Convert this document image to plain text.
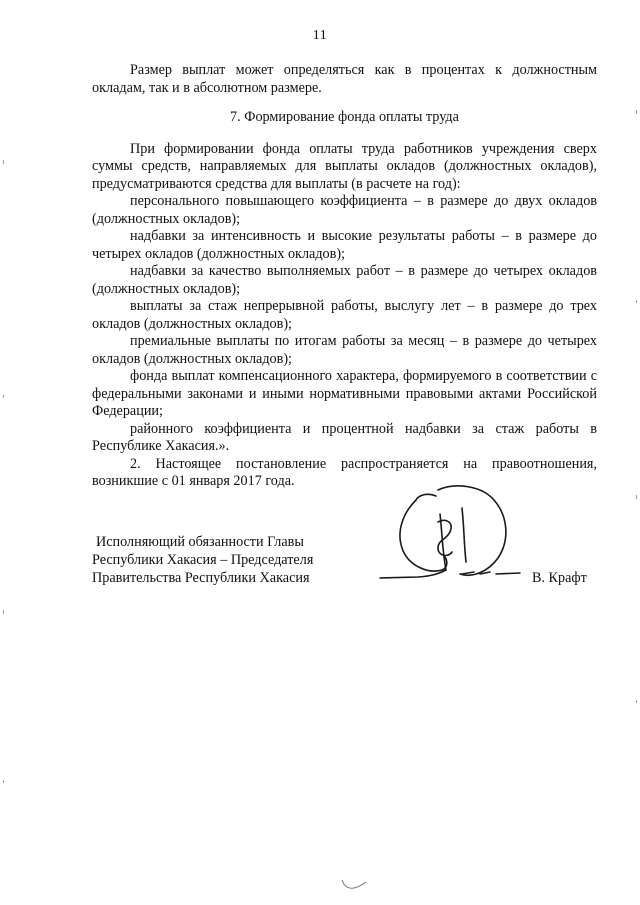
11

Размер выплат может определяться как в процентах к должностным окладам, так и в абсолютном размере.

7. Формирование фонда оплаты труда

При формировании фонда оплаты труда работников учреждения сверх суммы средств, направляемых для выплаты окладов (должностных окладов), предусматриваются средства для выплаты (в расчете на год):

персонального повышающего коэффициента – в размере до двух окладов (должностных окладов);

надбавки за интенсивность и высокие результаты работы – в размере до четырех окладов (должностных окладов);

надбавки за качество выполняемых работ – в размере до четырех окладов (должностных окладов);

выплаты за стаж непрерывной работы, выслугу лет – в размере до трех окладов (должностных окладов);

премиальные выплаты по итогам работы за месяц – в размере до четырех окладов (должностных окладов);

фонда выплат компенсационного характера, формируемого в соответствии с федеральными законами и иными нормативными правовыми актами Российской Федерации;

районного коэффициента и процентной надбавки за стаж работы в Республике Хакасия.».

2. Настоящее постановление распространяется на правоотношения, возникшие с 01 января 2017 года.

Исполняющий обязанности Главы
Республики Хакасия – Председателя
Правительства Республики Хакасия	В. Крафт
